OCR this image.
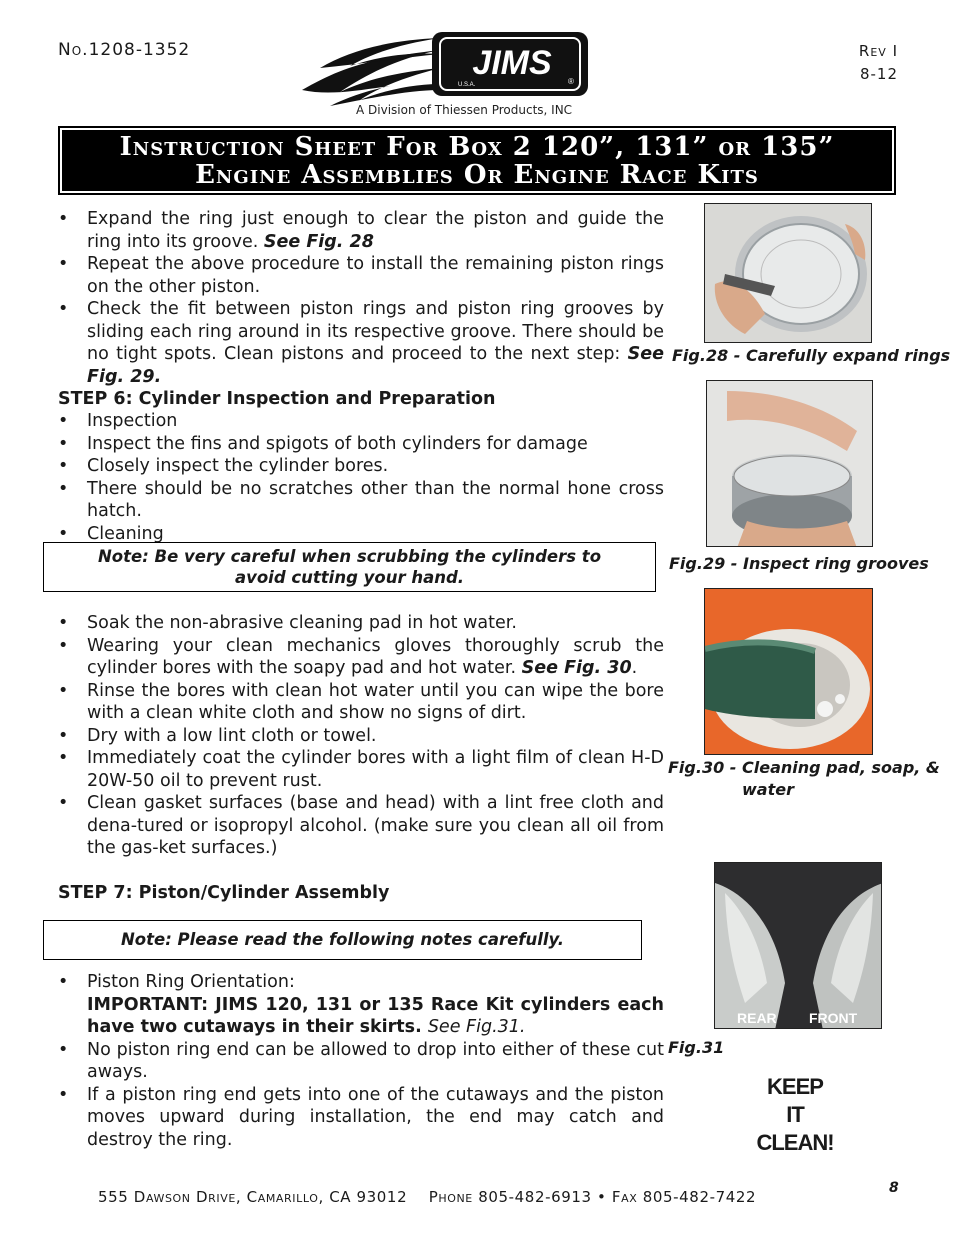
No.1208-1352	Rev I
8-12
JIMS
U.S.A.	®
A Division of Thiessen Products, INC
Instruction Sheet For Box 2 120”, 131” or 135”
Engine Assemblies Or Engine Race Kits
• Expand the ring just enough to clear the piston and guide the ring into its groove. See Fig. 28
• Repeat the above procedure to install the remaining piston rings on the other piston.
• Check the fit between piston rings and piston ring grooves by sliding each ring around in its respective groove. There should be no tight spots. Clean pistons and proceed to the next step: See Fig. 29.
STEP 6: Cylinder Inspection and Preparation
• Inspection
• Inspect the fins and spigots of both cylinders for damage
• Closely inspect the cylinder bores.
• There should be no scratches other than the normal hone cross hatch.
• Cleaning
Note: Be very careful when scrubbing the cylinders to avoid cutting your hand.
• Soak the non-abrasive cleaning pad in hot water.
• Wearing your clean mechanics gloves thoroughly scrub the cylinder bores with the soapy pad and hot water. See Fig. 30.
• Rinse the bores with clean hot water until you can wipe the bore with a clean white cloth and show no signs of dirt.
• Dry with a low lint cloth or towel.
• Immediately coat the cylinder bores with a light film of clean H-D 20W-50 oil to prevent rust.
• Clean gasket surfaces (base and head) with a lint free cloth and dena-tured or isopropyl alcohol. (make sure you clean all oil from the gas-ket surfaces.)
STEP 7: Piston/Cylinder Assembly
Note: Please read the following notes carefully.
• Piston Ring Orientation:
IMPORTANT: JIMS 120, 131 or 135 Race Kit cylinders each have two cutaways in their skirts. See Fig.31.
• No piston ring end can be allowed to drop into either of these cut aways.
• If a piston ring end gets into one of the cutaways and the piston moves upward during installation, the end may catch and destroy the ring.
Fig.28 - Carefully expand rings
Fig.29 - Inspect ring grooves
Fig.30 - Cleaning pad, soap, &
water
REAR FRONT
Fig.31
KEEP
IT
CLEAN!
555 Dawson Drive, Camarillo, CA 93012 Phone 805-482-6913 • Fax 805-482-7422	8
